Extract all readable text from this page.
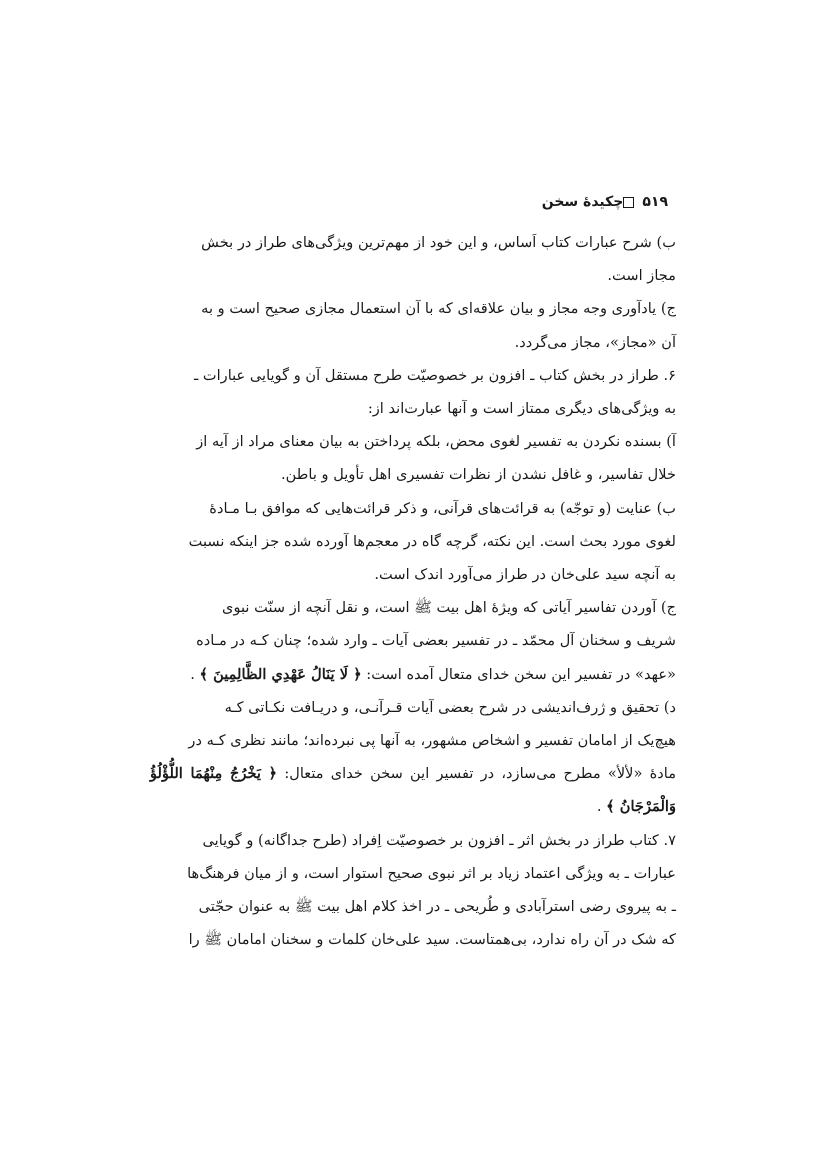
چکیدهٔ سخن ۵۱۹

ب) شرح عبارات کتاب اَساس، و این خود از مهم‌ترین ویژگی‌های طراز در بخش
مجاز است.

ج) یادآوری وجه مجاز و بیان علاقه‌ای که با آن استعمال مجازی صحیح است و به
آن «مجاز»، مجاز می‌گردد.

۶. طراز در بخش کتاب ـ افزون بر خصوصیّت طرح مستقل آن و گویایی عبارات ـ
به ویژگی‌های دیگری ممتاز است و آنها عبارت‌اند از:

آ) بسنده نکردن به تفسیر لغوی محض، بلکه پرداختن به بیان معنای مراد از آیه از
خلال تفاسیر، و غافل نشدن از نظرات تفسیری اهل تأویل و باطن.

ب) عنایت (و توجّه) به قرائت‌های قرآنی، و ذکر قرائت‌هایی که موافق بـا مـادهٔ
لغوی مورد بحث است. این نکته، گرچه گاه در معجم‌ها آورده شده جز اینکه نسبت
به آنچه سید علی‌خان در طراز می‌آورد اندک است.

ج) آوردن تفاسیر آیاتی که ویژهٔ اهل بیت ﷺ است، و نقل آنچه از سنّت نبوی
شریف و سخنان آل محمّد ـ در تفسیر بعضی آیات ـ وارد شده؛ چنان کـه در مـاده
«عهد» در تفسیر این سخن خدای متعال آمده است: ﴿ لَا يَنَالُ عَهْدِي الظَّالِمِينَ ﴾ .

د) تحقیق و ژرف‌اندیشی در شرح بعضی آیات قـرآنـی، و دریـافت نکـاتی کـه
هیچ‌یک از امامان تفسیر و اشخاص مشهور، به آنها پی نبرده‌اند؛ مانند نظری کـه در
مادهٔ «لألأ» مطرح می‌سازد، در تفسیر این سخن خدای متعال: ﴿ يَخْرُجُ مِنْهُمَا اللُّؤْلُؤُ وَالْمَرْجَانُ ﴾ .

۷. کتاب طراز در بخش اثر ـ افزون بر خصوصیّت اِفراد (طرح جداگانه) و گویایی
عبارات ـ به ویژگی اعتماد زیاد بر اثر نبوی صحیح استوار است، و از میان فرهنگ‌ها
ـ به پیروی رضی استرآبادی و طُریحی ـ در اخذ کلام اهل بیت ﷺ به عنوان حجّتی
که شک در آن راه ندارد، بی‌همتاست. سید علی‌خان کلمات و سخنان امامان ﷺ را
